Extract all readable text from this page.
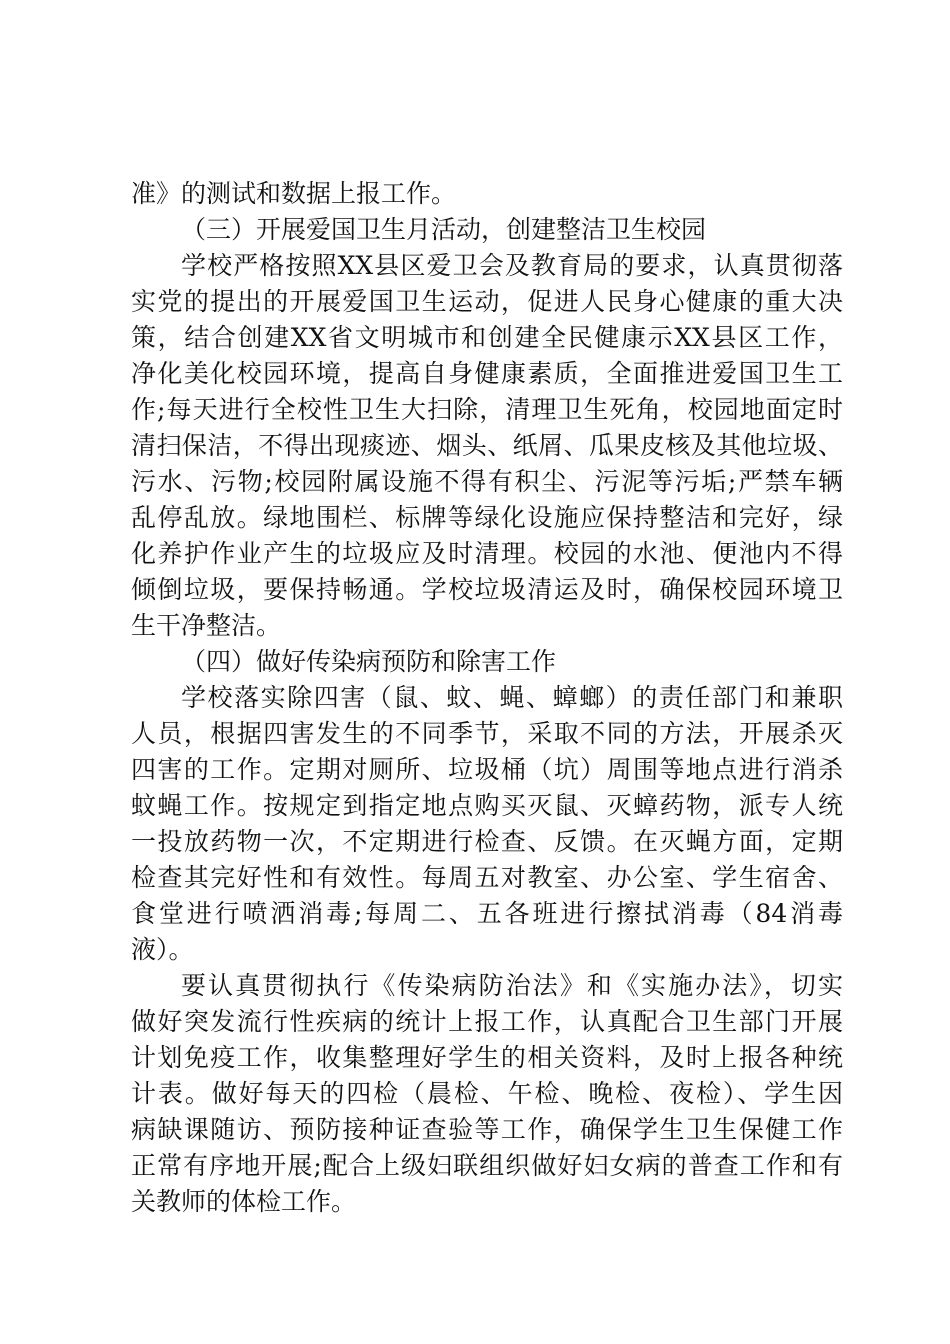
准》的测试和数据上报工作。
（三）开展爱国卫生月活动，创建整洁卫生校园
学校严格按照XX县区爱卫会及教育局的要求，认真贯彻落
实党的提出的开展爱国卫生运动，促进人民身心健康的重大决
策，结合创建XX省文明城市和创建全民健康示XX县区工作，
净化美化校园环境，提高自身健康素质，全面推进爱国卫生工
作;每天进行全校性卫生大扫除，清理卫生死角，校园地面定时
清扫保洁，不得出现痰迹、烟头、纸屑、瓜果皮核及其他垃圾、
污水、污物;校园附属设施不得有积尘、污泥等污垢;严禁车辆
乱停乱放。绿地围栏、标牌等绿化设施应保持整洁和完好，绿
化养护作业产生的垃圾应及时清理。校园的水池、便池内不得
倾倒垃圾，要保持畅通。学校垃圾清运及时，确保校园环境卫
生干净整洁。
（四）做好传染病预防和除害工作
学校落实除四害（鼠、蚊、蝇、蟑螂）的责任部门和兼职
人员，根据四害发生的不同季节，采取不同的方法，开展杀灭
四害的工作。定期对厕所、垃圾桶（坑）周围等地点进行消杀
蚊蝇工作。按规定到指定地点购买灭鼠、灭蟑药物，派专人统
一投放药物一次，不定期进行检查、反馈。在灭蝇方面，定期
检查其完好性和有效性。每周五对教室、办公室、学生宿舍、
食堂进行喷洒消毒;每周二、五各班进行擦拭消毒（84消毒
液）。
要认真贯彻执行《传染病防治法》和《实施办法》，切实
做好突发流行性疾病的统计上报工作，认真配合卫生部门开展
计划免疫工作，收集整理好学生的相关资料，及时上报各种统
计表。做好每天的四检（晨检、午检、晚检、夜检）、学生因
病缺课随访、预防接种证查验等工作，确保学生卫生保健工作
正常有序地开展;配合上级妇联组织做好妇女病的普查工作和有
关教师的体检工作。
